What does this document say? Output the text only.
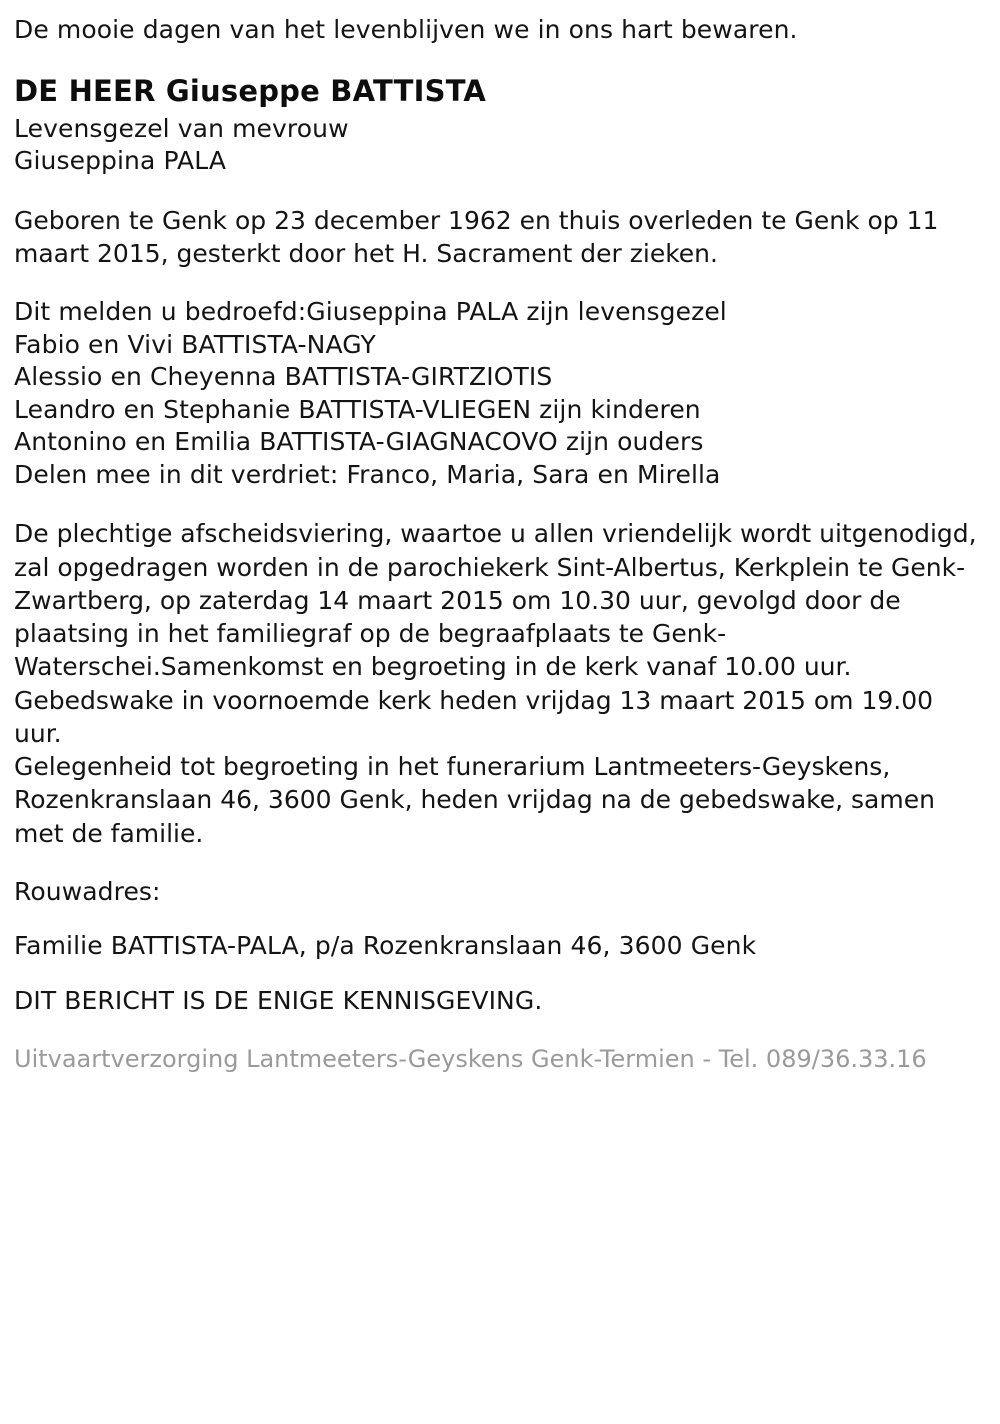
De mooie dagen van het levenblijven we in ons hart bewaren.
DE HEER Giuseppe BATTISTA
Levensgezel van mevrouw
Giuseppina PALA
Geboren te Genk op 23 december 1962 en thuis overleden te Genk op 11 maart 2015, gesterkt door het H. Sacrament der zieken.
Dit melden u bedroefd:Giuseppina PALA zijn levensgezel
Fabio en Vivi BATTISTA-NAGY
Alessio en Cheyenna BATTISTA-GIRTZIOTIS
Leandro en Stephanie BATTISTA-VLIEGEN zijn kinderen
Antonino en Emilia BATTISTA-GIAGNACOVO zijn ouders
Delen mee in dit verdriet: Franco, Maria, Sara en Mirella
De plechtige afscheidsviering, waartoe u allen vriendelijk wordt uitgenodigd, zal opgedragen worden in de parochiekerk Sint-Albertus, Kerkplein te Genk-Zwartberg, op zaterdag 14 maart 2015 om 10.30 uur, gevolgd door de plaatsing in het familiegraf op de begraafplaats te Genk-Waterschei.Samenkomst en begroeting in de kerk vanaf 10.00 uur. Gebedswake in voornoemde kerk heden vrijdag 13 maart 2015 om 19.00 uur.
Gelegenheid tot begroeting in het funerarium Lantmeeters-Geyskens, Rozenkranslaan 46, 3600 Genk, heden vrijdag na de gebedswake, samen met de familie.
Rouwadres:
Familie BATTISTA-PALA, p/a Rozenkranslaan 46, 3600 Genk
DIT BERICHT IS DE ENIGE KENNISGEVING.
Uitvaartverzorging Lantmeeters-Geyskens Genk-Termien - Tel. 089/36.33.16
